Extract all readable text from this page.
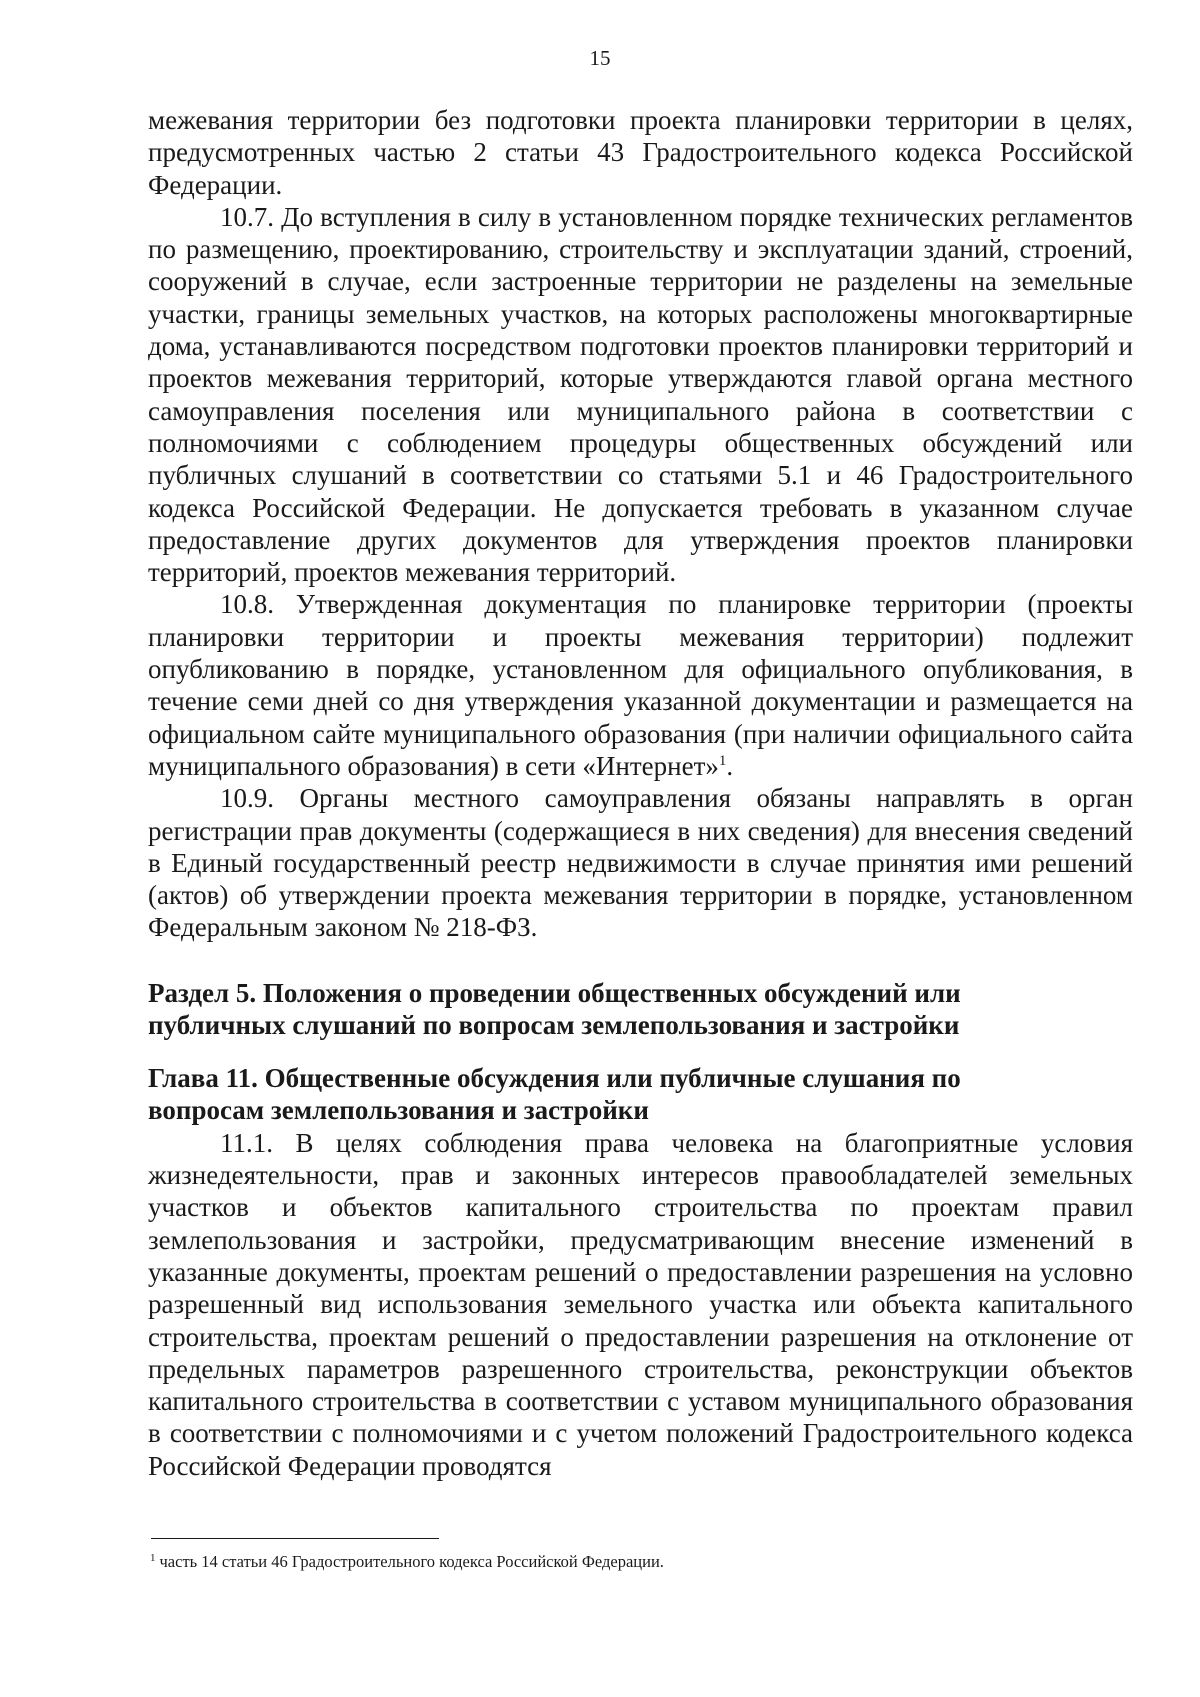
15

межевания территории без подготовки проекта планировки территории в целях, предусмотренных частью 2 статьи 43 Градостроительного кодекса Российской Федерации.

10.7. До вступления в силу в установленном порядке технических регламентов по размещению, проектированию, строительству и эксплуатации зданий, строений, сооружений в случае, если застроенные территории не разделены на земельные участки, границы земельных участков, на которых расположены многоквартирные дома, устанавливаются посредством подготовки проектов планировки территорий и проектов межевания территорий, которые утверждаются главой органа местного самоуправления поселения или муниципального района в соответствии с полномочиями с соблюдением процедуры общественных обсуждений или публичных слушаний в соответствии со статьями 5.1 и 46 Градостроительного кодекса Российской Федерации. Не допускается требовать в указанном случае предоставление других документов для утверждения проектов планировки территорий, проектов межевания территорий.

10.8. Утвержденная документация по планировке территории (проекты планировки территории и проекты межевания территории) подлежит опубликованию в порядке, установленном для официального опубликования, в течение семи дней со дня утверждения указанной документации и размещается на официальном сайте муниципального образования (при наличии официального сайта муниципального образования) в сети «Интернет»$^1$.

10.9. Органы местного самоуправления обязаны направлять в орган регистрации прав документы (содержащиеся в них сведения) для внесения сведений в Единый государственный реестр недвижимости в случае принятия ими решений (актов) об утверждении проекта межевания территории в порядке, установленном Федеральным законом № 218-ФЗ.

Раздел 5. Положения о проведении общественных обсуждений или
публичных слушаний по вопросам землепользования и застройки

Глава 11. Общественные обсуждения или публичные слушания по
вопросам землепользования и застройки

11.1. В целях соблюдения права человека на благоприятные условия жизнедеятельности, прав и законных интересов правообладателей земельных участков и объектов капитального строительства по проектам правил землепользования и застройки, предусматривающим внесение изменений в указанные документы, проектам решений о предоставлении разрешения на условно разрешенный вид использования земельного участка или объекта капитального строительства, проектам решений о предоставлении разрешения на отклонение от предельных параметров разрешенного строительства, реконструкции объектов капитального строительства в соответствии с уставом муниципального образования в соответствии с полномочиями и с учетом положений Градостроительного кодекса Российской Федерации проводятся

$^1$ часть 14 статьи 46 Градостроительного кодекса Российской Федерации.
